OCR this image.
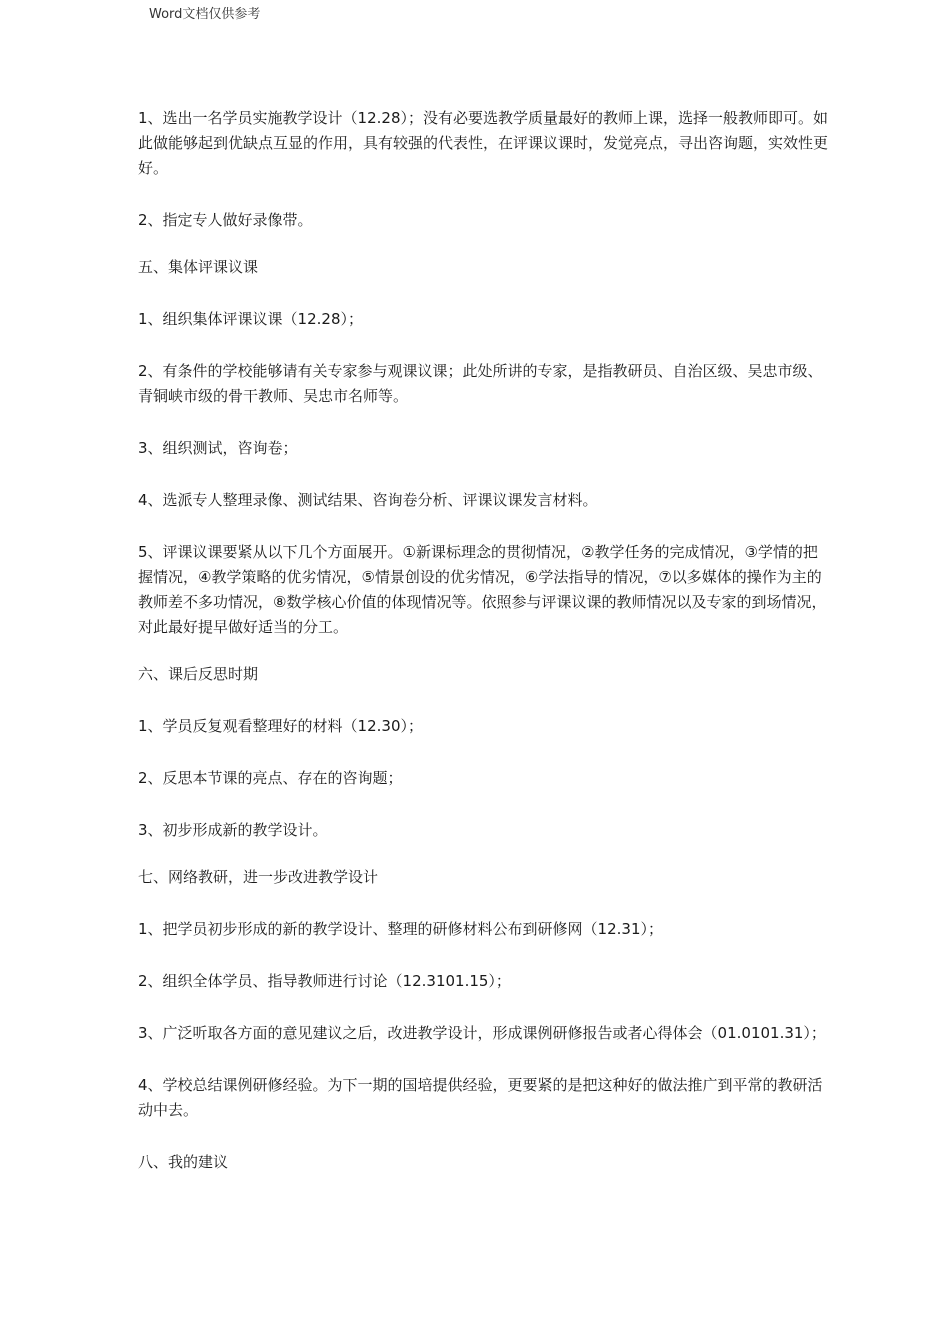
Word文档仅供参考

1、选出一名学员实施教学设计（12.28）；没有必要选教学质量最好的教师上课，选择一般教师即可。如此做能够起到优缺点互显的作用，具有较强的代表性，在评课议课时，发觉亮点，寻出咨询题，实效性更好。

2、指定专人做好录像带。

五、集体评课议课

1、组织集体评课议课（12.28）；

2、有条件的学校能够请有关专家参与观课议课；此处所讲的专家，是指教研员、自治区级、吴忠市级、青铜峡市级的骨干教师、吴忠市名师等。

3、组织测试，咨询卷；

4、选派专人整理录像、测试结果、咨询卷分析、评课议课发言材料。

5、评课议课要紧从以下几个方面展开。①新课标理念的贯彻情况，②教学任务的完成情况，③学情的把握情况，④教学策略的优劣情况，⑤情景创设的优劣情况，⑥学法指导的情况，⑦以多媒体的操作为主的教师差不多功情况，⑧数学核心价值的体现情况等。依照参与评课议课的教师情况以及专家的到场情况，对此最好提早做好适当的分工。

六、课后反思时期

1、学员反复观看整理好的材料（12.30）；

2、反思本节课的亮点、存在的咨询题；

3、初步形成新的教学设计。

七、网络教研，进一步改进教学设计

1、把学员初步形成的新的教学设计、整理的研修材料公布到研修网（12.31）；

2、组织全体学员、指导教师进行讨论（12.3101.15）；

3、广泛听取各方面的意见建议之后，改进教学设计，形成课例研修报告或者心得体会（01.0101.31）；

4、学校总结课例研修经验。为下一期的国培提供经验，更要紧的是把这种好的做法推广到平常的教研活动中去。

八、我的建议
